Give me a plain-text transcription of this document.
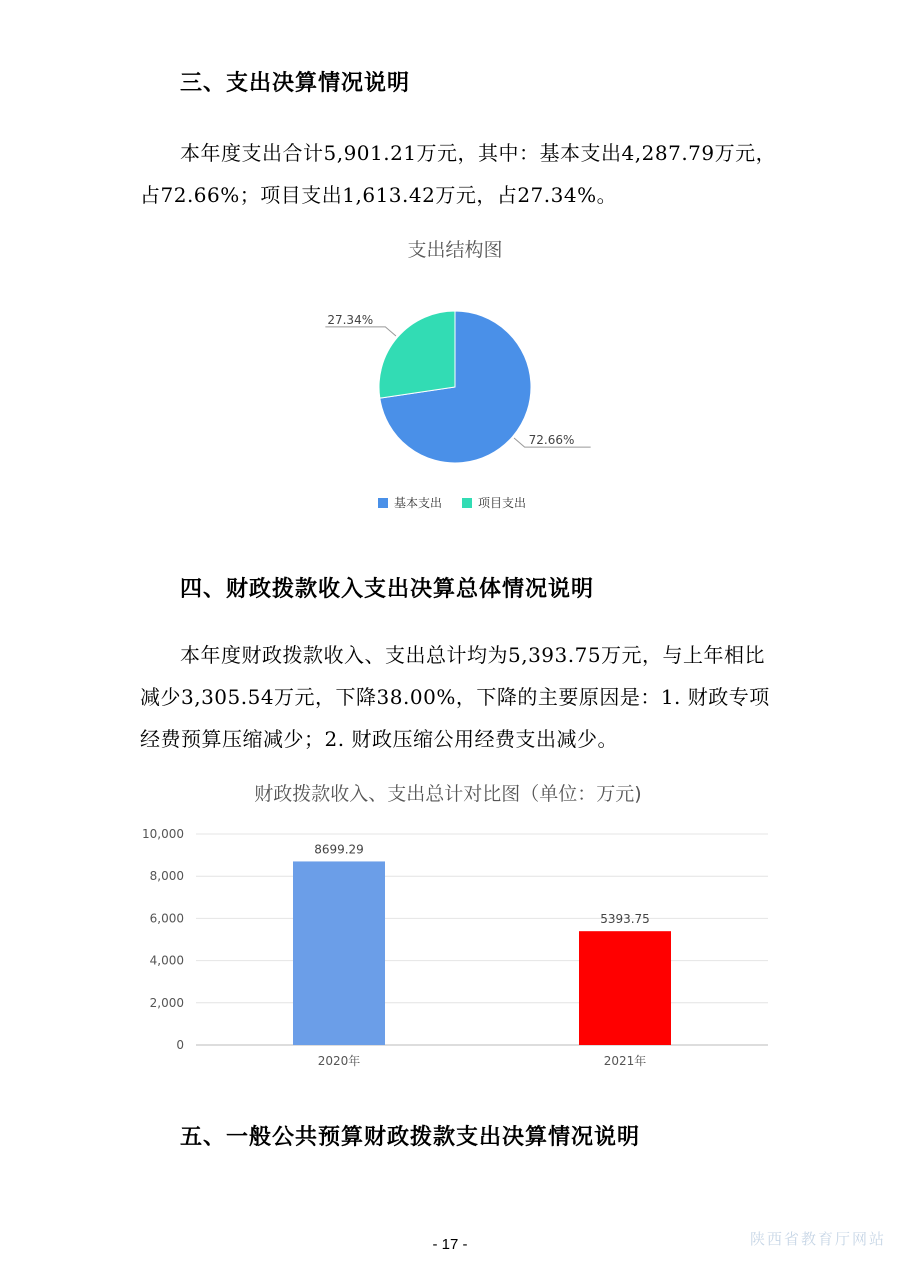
三、支出决算情况说明

本年度支出合计5,901.21万元，其中：基本支出4,287.79万元，占72.66%；项目支出1,613.42万元，占27.34%。

支出结构图
72.66%
27.34%
基本支出	项目支出
四、财政拨款收入支出决算总体情况说明

本年度财政拨款收入、支出总计均为5,393.75万元，与上年相比减少3,305.54万元，下降38.00%，下降的主要原因是：1. 财政专项经费预算压缩减少；2. 财政压缩公用经费支出减少。

财政拨款收入、支出总计对比图（单位：万元)
0
2,000
4,000
6,000
8,000
10,000
8699.29
2020年
5393.75
2021年
五、一般公共预算财政拨款支出决算情况说明
- 17 -	陕西省教育厅网站
